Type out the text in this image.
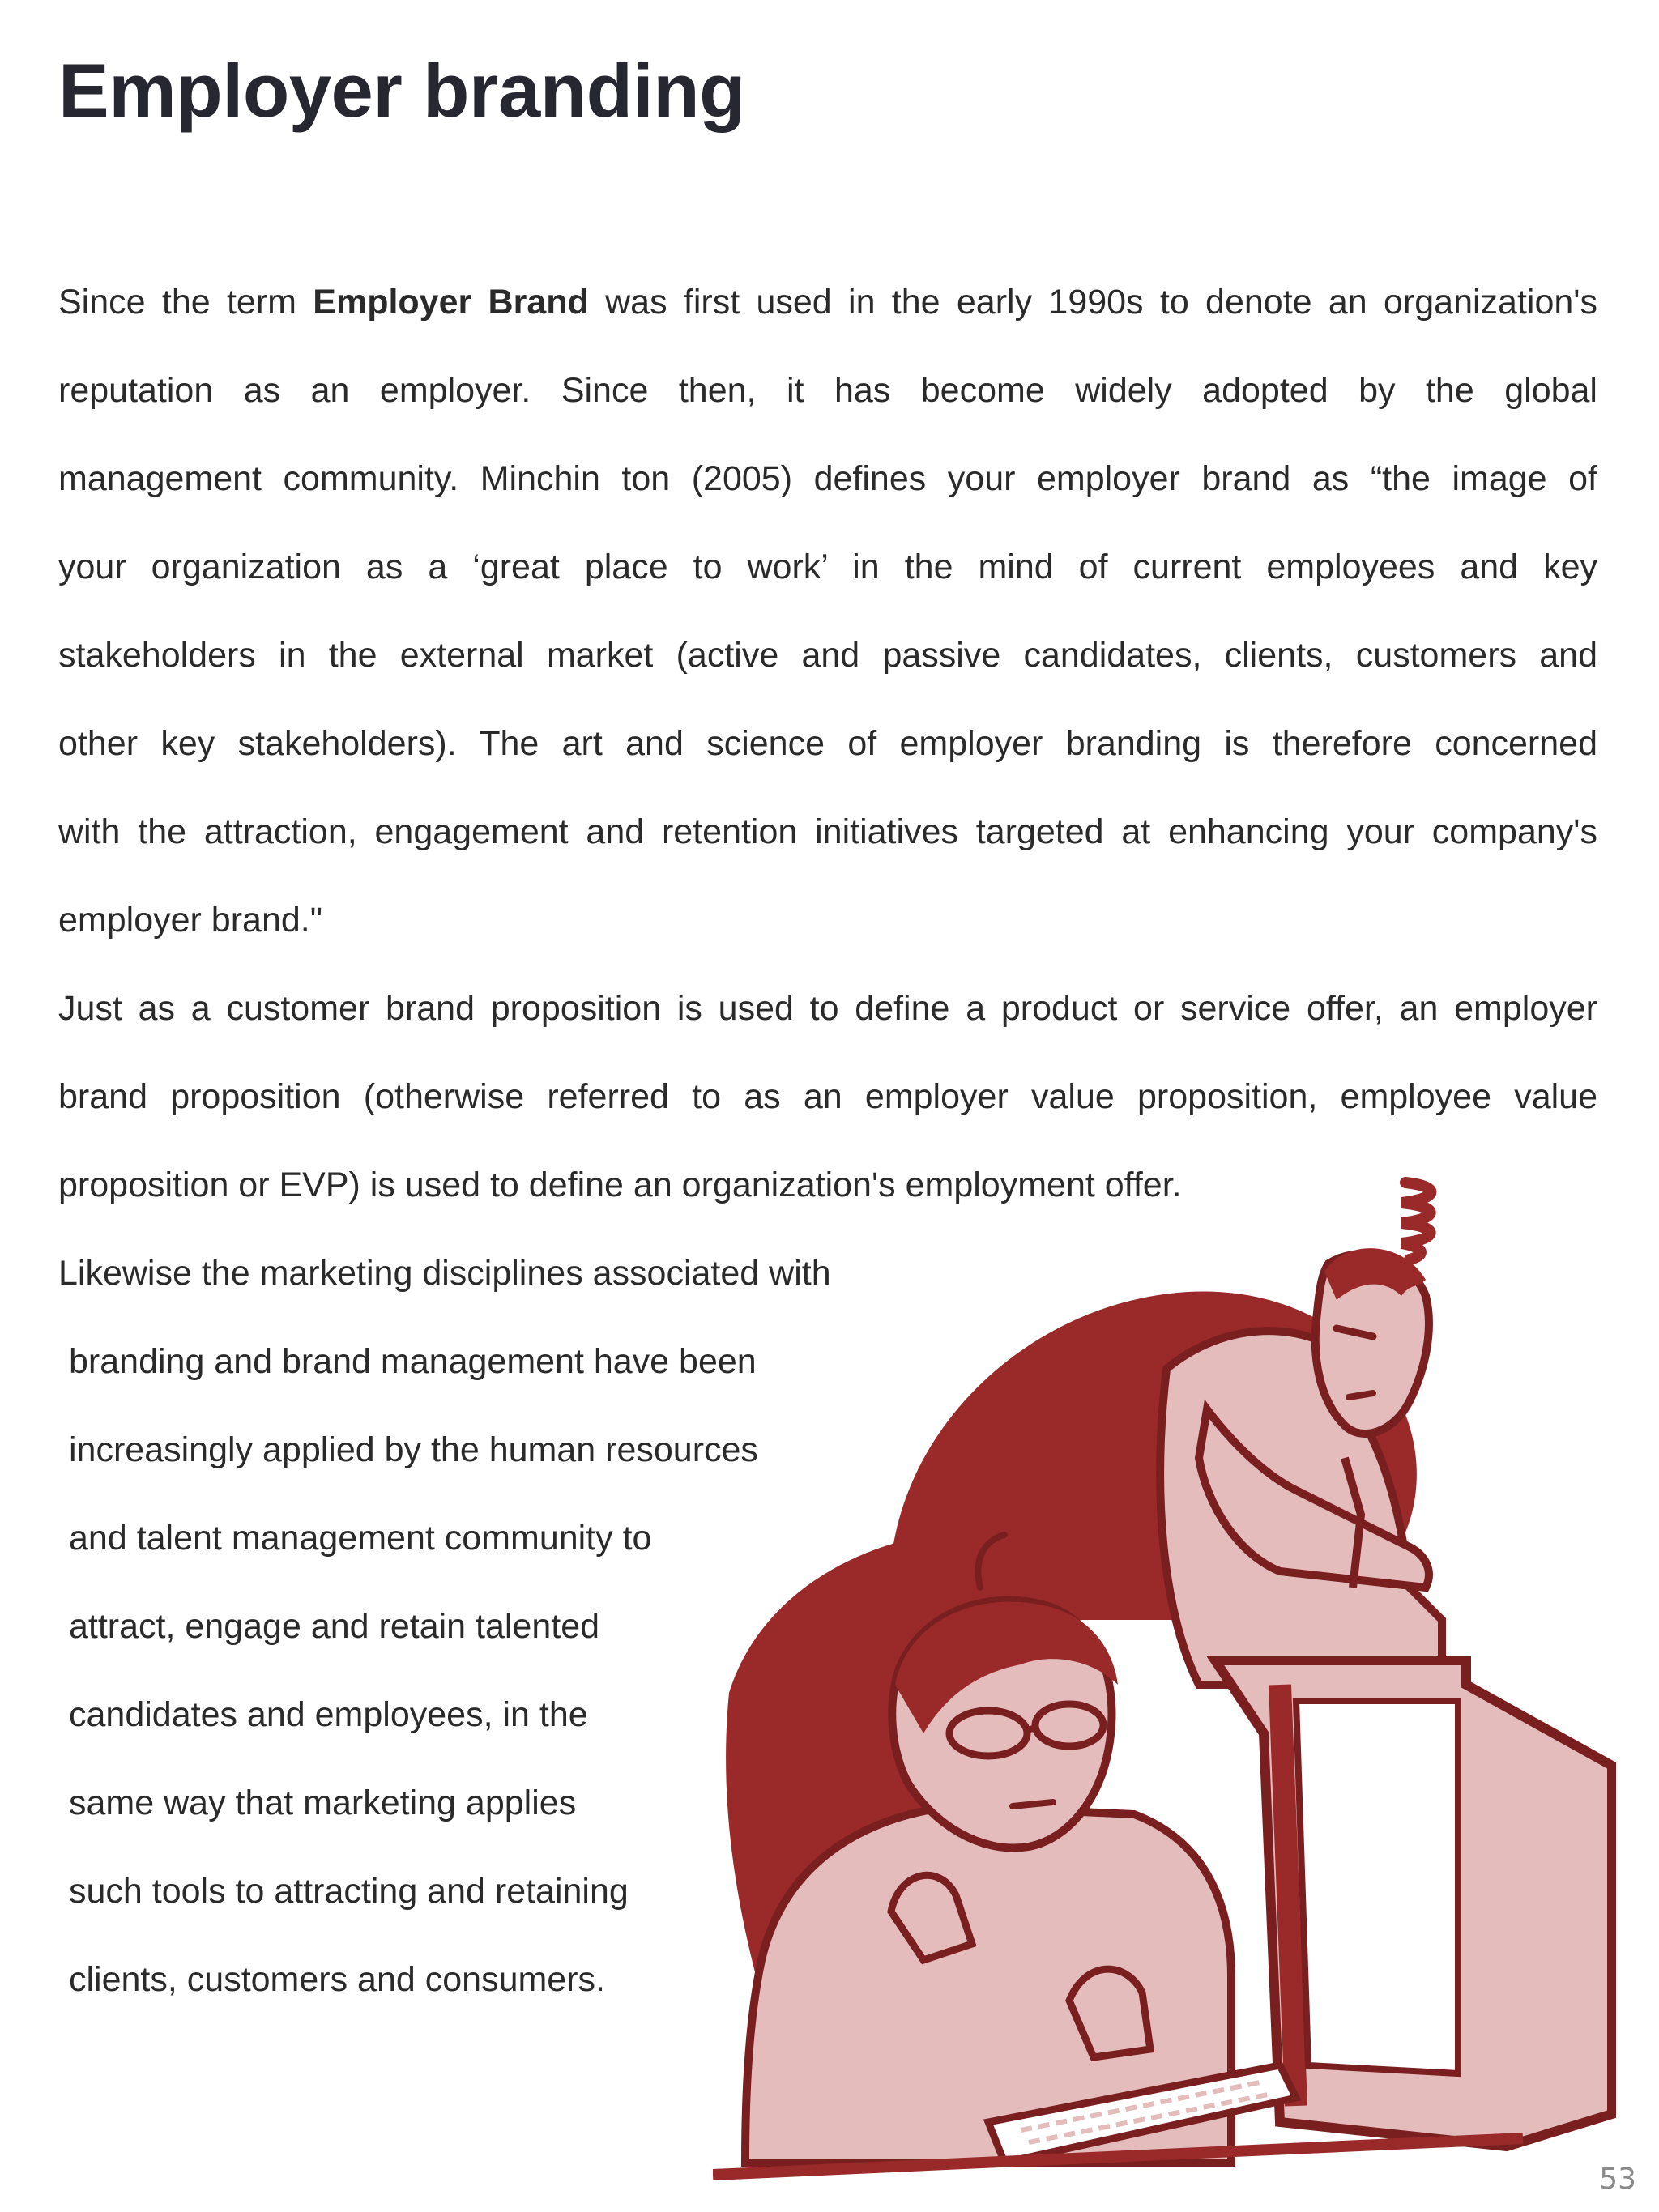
Employer branding
Since the term Employer Brand was first used in the early 1990s to denote an organization's
reputation as an employer. Since then, it has become widely adopted by the global
management community. Minchin ton (2005) defines your employer brand as “the image of
your organization as a ‘great place to work’ in the mind of current employees and key
stakeholders in the external market (active and passive candidates, clients, customers and
other key stakeholders). The art and science of employer branding is therefore concerned
with the attraction, engagement and retention initiatives targeted at enhancing your company's
employer brand."
Just as a customer brand proposition is used to define a product or service offer, an employer
brand proposition (otherwise referred to as an employer value proposition, employee value
proposition or EVP) is used to define an organization's employment offer.
Likewise the marketing disciplines associated with
branding and brand management have been
increasingly applied by the human resources
and talent management community to
attract, engage and retain talented
candidates and employees, in the
same way that marketing applies
such tools to attracting and retaining
clients, customers and consumers.
53
